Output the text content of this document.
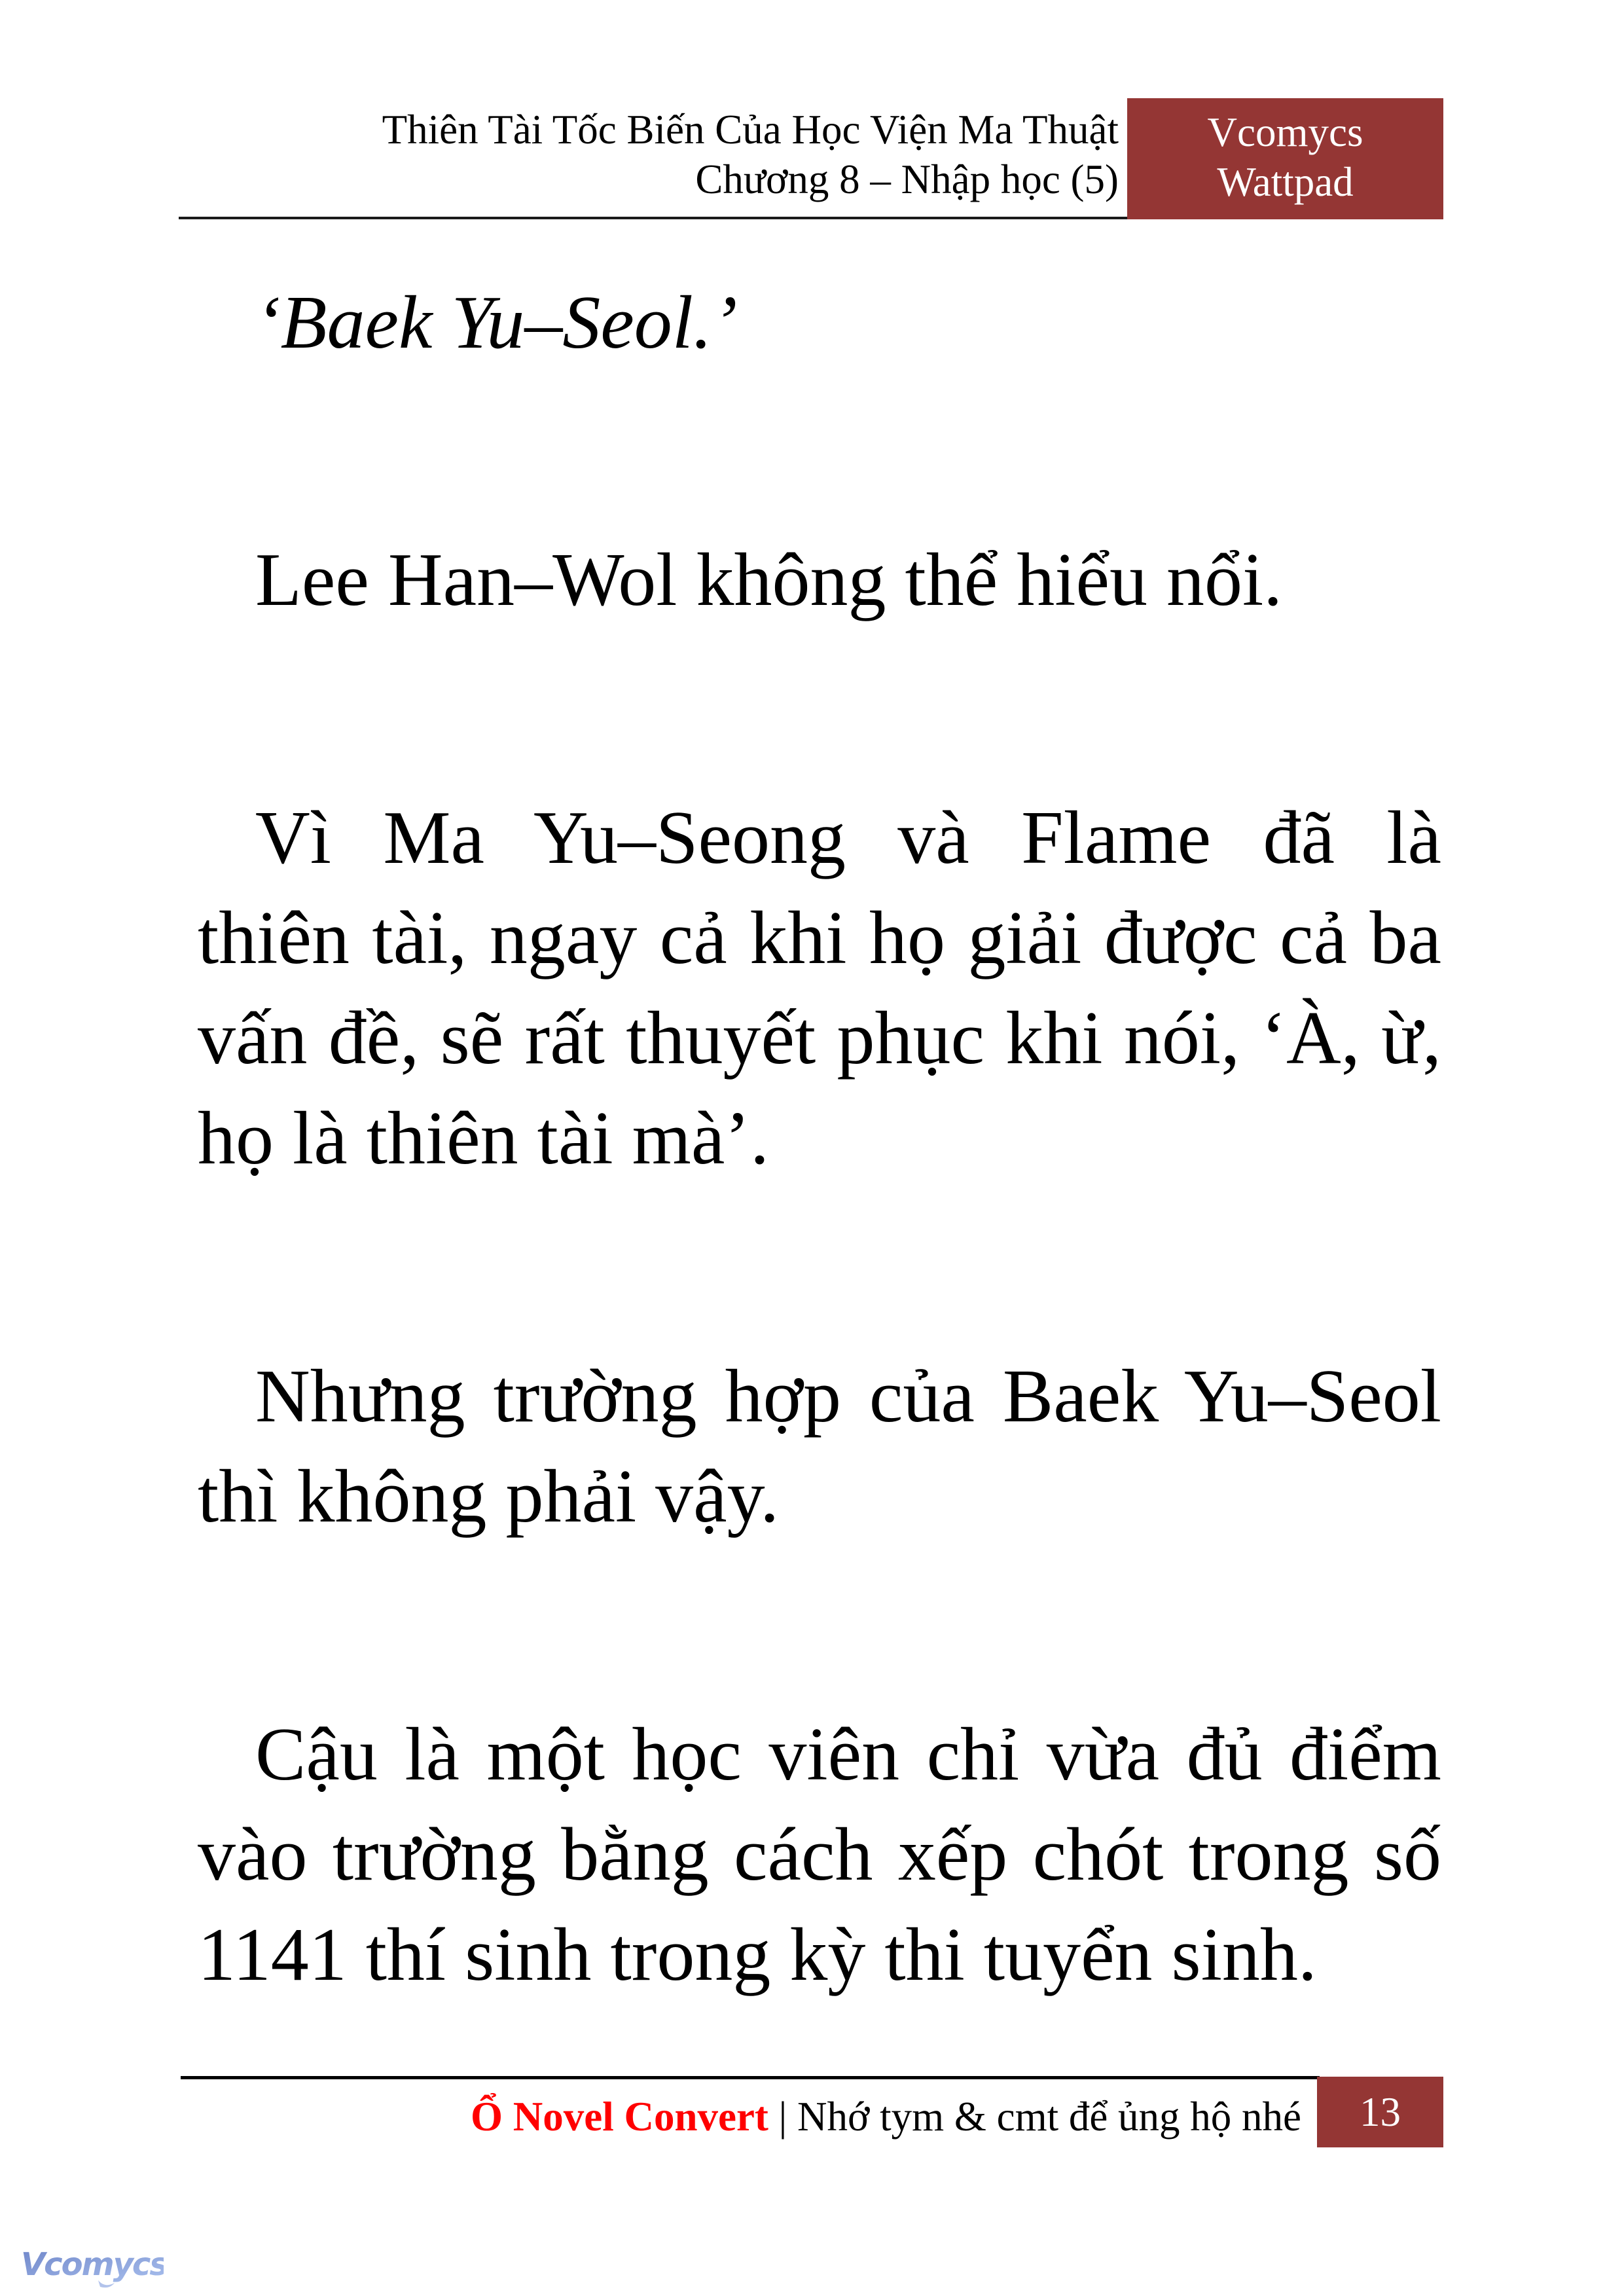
Thiên Tài Tốc Biến Của Học Viện Ma Thuật
Chương 8 – Nhập học (5)
Vcomycs
Wattpad
‘Baek Yu–Seol.’
Lee Han–Wol không thể hiểu nổi.
Vì Ma Yu–Seong và Flame đã là
thiên tài, ngay cả khi họ giải được cả ba
vấn đề, sẽ rất thuyết phục khi nói, ‘À, ừ,
họ là thiên tài mà’.
Nhưng trường hợp của Baek Yu–Seol
thì không phải vậy.
Cậu là một học viên chỉ vừa đủ điểm
vào trường bằng cách xếp chót trong số
1141 thí sinh trong kỳ thi tuyển sinh.
Ổ Novel Convert | Nhớ tym & cmt để ủng hộ nhé	13
Vcomycs
